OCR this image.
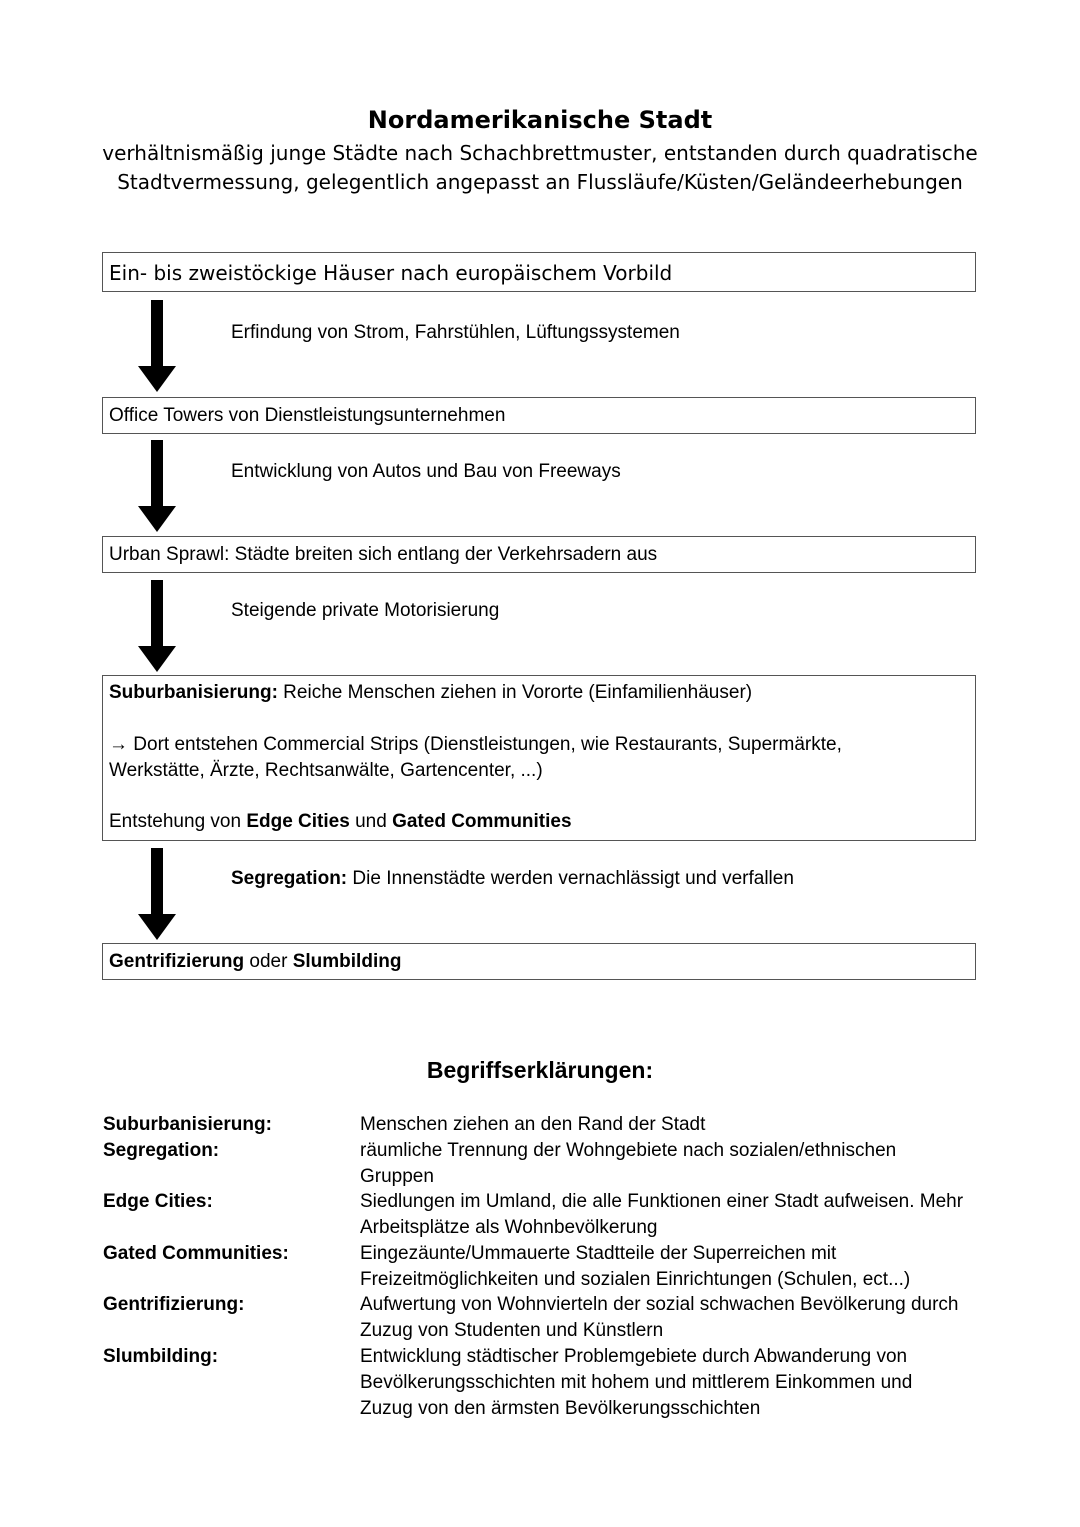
Nordamerikanische Stadt
verhältnismäßig junge Städte nach Schachbrettmuster, entstanden durch quadratische
Stadtvermessung, gelegentlich angepasst an Flussläufe/Küsten/Geländeerhebungen
Ein- bis zweistöckige Häuser nach europäischem Vorbild
Erfindung von Strom, Fahrstühlen, Lüftungssystemen
Office Towers von Dienstleistungsunternehmen
Entwicklung von Autos und Bau von Freeways
Urban Sprawl: Städte breiten sich entlang der Verkehrsadern aus
Steigende private Motorisierung
Suburbanisierung: Reiche Menschen ziehen in Vororte (Einfamilienhäuser)
→ Dort entstehen Commercial Strips (Dienstleistungen, wie Restaurants, Supermärkte,
Werkstätte, Ärzte, Rechtsanwälte, Gartencenter, ...)
Entstehung von Edge Cities und Gated Communities
Segregation: Die Innenstädte werden vernachlässigt und verfallen
Gentrifizierung oder Slumbilding
Begriffserklärungen:
Suburbanisierung:	Menschen ziehen an den Rand der Stadt
Segregation:	räumliche Trennung der Wohngebiete nach sozialen/ethnischen Gruppen
Edge Cities:	Siedlungen im Umland, die alle Funktionen einer Stadt aufweisen. Mehr Arbeitsplätze als Wohnbevölkerung
Gated Communities:	Eingezäunte/Ummauerte Stadtteile der Superreichen mit Freizeitmöglichkeiten und sozialen Einrichtungen (Schulen, ect...)
Gentrifizierung:	Aufwertung von Wohnvierteln der sozial schwachen Bevölkerung durch Zuzug von Studenten und Künstlern
Slumbilding:	Entwicklung städtischer Problemgebiete durch Abwanderung von Bevölkerungsschichten mit hohem und mittlerem Einkommen und Zuzug von den ärmsten Bevölkerungsschichten
